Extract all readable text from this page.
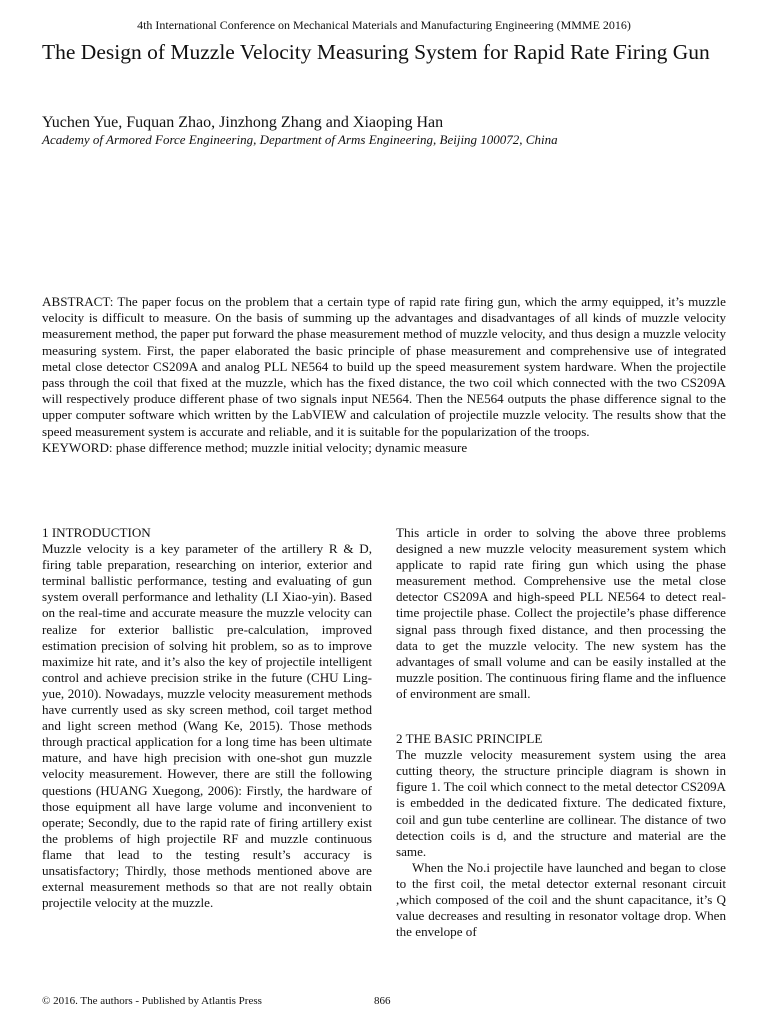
4th International Conference on Mechanical Materials and Manufacturing Engineering (MMME 2016)
The Design of Muzzle Velocity Measuring System for Rapid Rate Firing Gun
Yuchen Yue, Fuquan Zhao, Jinzhong Zhang and Xiaoping Han
Academy of Armored Force Engineering, Department of Arms Engineering, Beijing 100072, China

ABSTRACT: The paper focus on the problem that a certain type of rapid rate firing gun, which the army equipped, it’s muzzle velocity is difficult to measure. On the basis of summing up the advantages and disadvantages of all kinds of muzzle velocity measurement method, the paper put forward the phase measurement method of muzzle velocity, and thus design a muzzle velocity measuring system. First, the paper elaborated the basic principle of phase measurement and comprehensive use of integrated metal close detector CS209A and analog PLL NE564 to build up the speed measurement system hardware. When the projectile pass through the coil that fixed at the muzzle, which has the fixed distance, the two coil which connected with the two CS209A will respectively produce different phase of two signals input NE564. Then the NE564 outputs the phase difference signal to the upper computer software which written by the LabVIEW and calculation of projectile muzzle velocity. The results show that the speed measurement system is accurate and reliable, and it is suitable for the popularization of the troops.

KEYWORD: phase difference method; muzzle initial velocity; dynamic measure

1 INTRODUCTION

Muzzle velocity is a key parameter of the artillery R & D, firing table preparation, researching on interior, exterior and terminal ballistic performance, testing and evaluating of gun system overall performance and lethality (LI Xiao-yin). Based on the real-time and accurate measure the muzzle velocity can realize for exterior ballistic pre-calculation, improved estimation precision of solving hit problem, so as to improve maximize hit rate, and it’s also the key of projectile intelligent control and achieve precision strike in the future (CHU Ling-yue, 2010). Nowadays, muzzle velocity measurement methods have currently used as sky screen method, coil target method and light screen method (Wang Ke, 2015). Those methods through practical application for a long time has been ultimate mature, and have high precision with one-shot gun muzzle velocity measurement. However, there are still the following questions (HUANG Xuegong, 2006): Firstly, the hardware of those equipment all have large volume and inconvenient to operate; Secondly, due to the rapid rate of firing artillery exist the problems of high projectile RF and muzzle continuous flame that lead to the testing result’s accuracy is unsatisfactory; Thirdly, those methods mentioned above are external measurement methods so that are not really obtain projectile velocity at the muzzle.

This article in order to solving the above three problems designed a new muzzle velocity measurement system which applicate to rapid rate firing gun which using the phase measurement method. Comprehensive use the metal close detector CS209A and high-speed PLL NE564 to detect real-time projectile phase. Collect the projectile’s phase difference signal pass through fixed distance, and then processing the data to get the muzzle velocity. The new system has the advantages of small volume and can be easily installed at the muzzle position. The continuous firing flame and the influence of environment are small.

2 THE BASIC PRINCIPLE

The muzzle velocity measurement system using the area cutting theory, the structure principle diagram is shown in figure 1. The coil which connect to the metal detector CS209A is embedded in the dedicated fixture. The dedicated fixture, coil and gun tube centerline are collinear. The distance of two detection coils is d, and the structure and material are the same.

When the No.i projectile have launched and began to close to the first coil, the metal detector external resonant circuit ,which composed of the coil and the shunt capacitance, it’s Q value decreases and resulting in resonator voltage drop. When the envelope of

© 2016. The authors - Published by Atlantis Press	866
